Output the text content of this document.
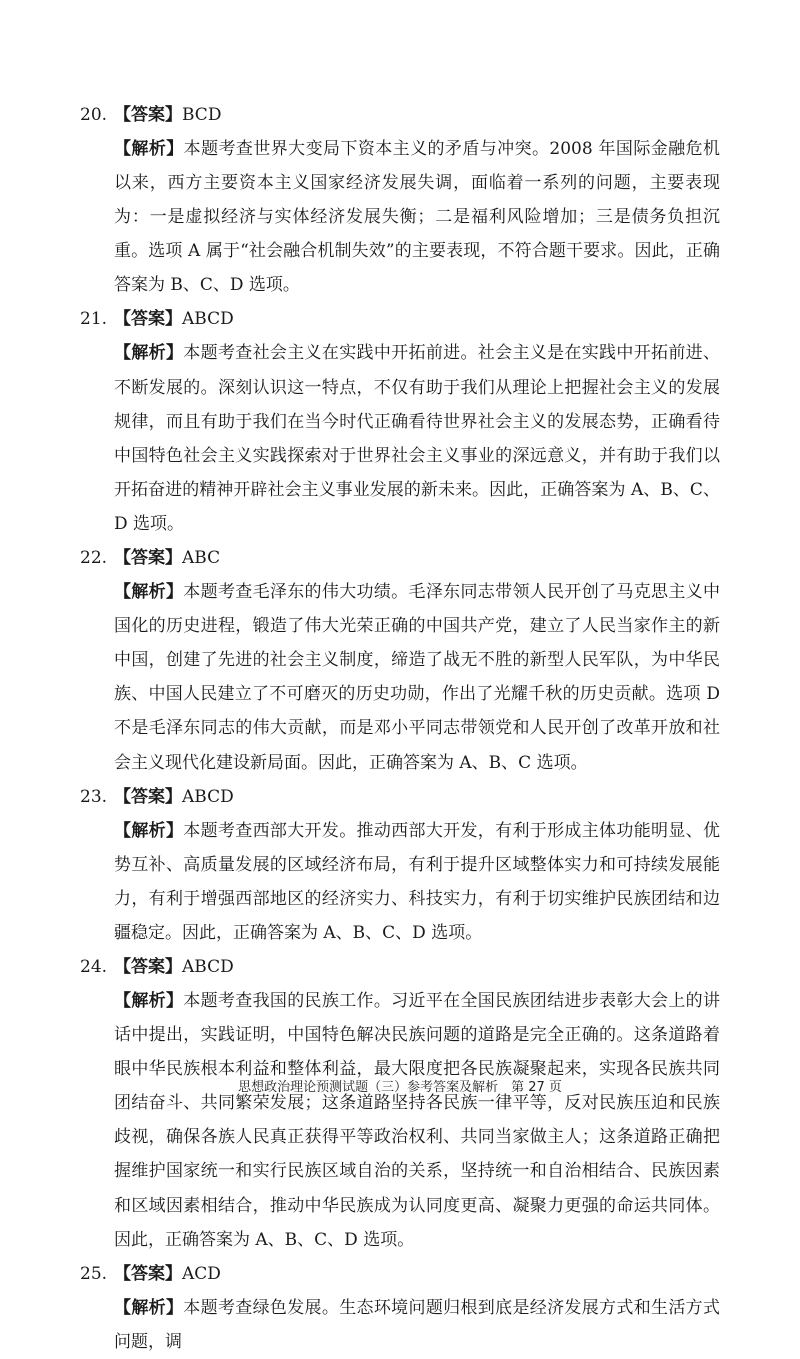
20. 【答案】BCD

【解析】本题考查世界大变局下资本主义的矛盾与冲突。2008 年国际金融危机以来，西方主要资本主义国家经济发展失调，面临着一系列的问题，主要表现为：一是虚拟经济与实体经济发展失衡；二是福利风险增加；三是债务负担沉重。选项 A 属于“社会融合机制失效”的主要表现，不符合题干要求。因此，正确答案为 B、C、D 选项。

21. 【答案】ABCD

【解析】本题考查社会主义在实践中开拓前进。社会主义是在实践中开拓前进、不断发展的。深刻认识这一特点，不仅有助于我们从理论上把握社会主义的发展规律，而且有助于我们在当今时代正确看待世界社会主义的发展态势，正确看待中国特色社会主义实践探索对于世界社会主义事业的深远意义，并有助于我们以开拓奋进的精神开辟社会主义事业发展的新未来。因此，正确答案为 A、B、C、D 选项。

22. 【答案】ABC

【解析】本题考查毛泽东的伟大功绩。毛泽东同志带领人民开创了马克思主义中国化的历史进程，锻造了伟大光荣正确的中国共产党，建立了人民当家作主的新中国，创建了先进的社会主义制度，缔造了战无不胜的新型人民军队，为中华民族、中国人民建立了不可磨灭的历史功勋，作出了光耀千秋的历史贡献。选项 D 不是毛泽东同志的伟大贡献，而是邓小平同志带领党和人民开创了改革开放和社会主义现代化建设新局面。因此，正确答案为 A、B、C 选项。

23. 【答案】ABCD

【解析】本题考查西部大开发。推动西部大开发，有利于形成主体功能明显、优势互补、高质量发展的区域经济布局，有利于提升区域整体实力和可持续发展能力，有利于增强西部地区的经济实力、科技实力，有利于切实维护民族团结和边疆稳定。因此，正确答案为 A、B、C、D 选项。

24. 【答案】ABCD

【解析】本题考查我国的民族工作。习近平在全国民族团结进步表彰大会上的讲话中提出，实践证明，中国特色解决民族问题的道路是完全正确的。这条道路着眼中华民族根本利益和整体利益，最大限度把各民族凝聚起来，实现各民族共同团结奋斗、共同繁荣发展；这条道路坚持各民族一律平等，反对民族压迫和民族歧视，确保各族人民真正获得平等政治权利、共同当家做主人；这条道路正确把握维护国家统一和实行民族区域自治的关系，坚持统一和自治相结合、民族因素和区域因素相结合，推动中华民族成为认同度更高、凝聚力更强的命运共同体。因此，正确答案为 A、B、C、D 选项。

25. 【答案】ACD

【解析】本题考查绿色发展。生态环境问题归根到底是经济发展方式和生活方式问题，调

思想政治理论预测试题（三）参考答案及解析　第 27 页
